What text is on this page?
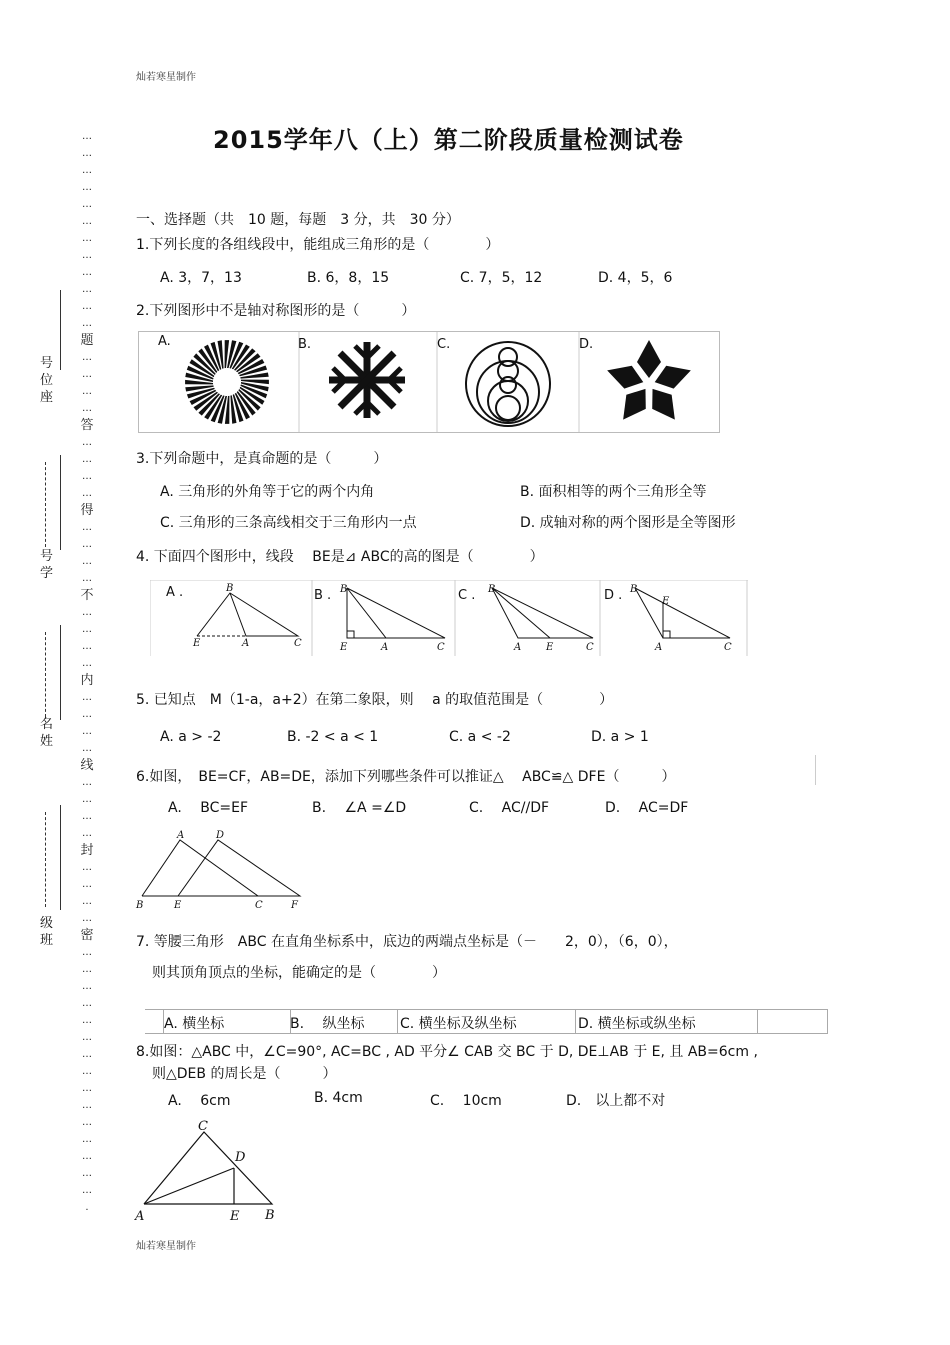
灿若寒星制作
2015学年八（上）第二阶段质量检测试卷
…
…
…
…
…
…
…
…
…
…
…
…
题
…
…
…
…
答
…
…
…
…
得
…
…
…
…
不
…
…
…
…
内
…
…
…
…
线
…
…
…
…
封
…
…
…
…
密
…
…
…
…
…
…
…
…
…
…
…
…
…
…
…
.
号位座
号学
名姓
级班
一、选择题（共　10 题，每题　3 分，共　30 分）
1.下列长度的各组线段中，能组成三角形的是（　　　　）
A. 3，7，13	B. 6，8，15	C. 7，5，12	D. 4，5，6
2.下列图形中不是轴对称图形的是（　　　）
A.	B.	C.	D.
3.下列命题中，是真命题的是（　　　）
A. 三角形的外角等于它的两个内角	B. 面积相等的两个三角形全等
C. 三角形的三条高线相交于三角形内一点	D. 成轴对称的两个图形是全等图形
4. 下面四个图形中，线段　 BE是⊿ ABC的高的图是（　　　　）
B
E	A	C
B
E	A	C
B
A E	C
B
E
A	C
A .	B .	C .	D .
5. 已知点　M（1-a，a+2）在第二象限，则　 a 的取值范围是（　　　　）
A. a > -2	B. -2 < a < 1	C. a < -2	D. a > 1
6.如图，　BE=CF，AB=DE，添加下列哪些条件可以推证△　 ABC≌△ DFE（　　　）
A.　 BC=EF	B.　 ∠A =∠D	C.　 AC//DF	D.　 AC=DF
A	D
B	E	C	F
7. 等腰三角形　ABC 在直角坐标系中，底边的两端点坐标是（－　　2，0），（6，0），
则其顶角顶点的坐标，能确定的是（　　　　）
A. 横坐标	B.　 纵坐标	C. 横坐标及纵坐标	D. 横坐标或纵坐标
8.如图：△ABC 中，∠C=90°, AC=BC , AD 平分∠ CAB 交 BC 于 D, DE⊥AB 于 E, 且 AB=6cm ,
则△DEB 的周长是（　　　）
A.　 6cm	B. 4cm	C.　 10cm	D.　以上都不对
C
D
A	E B
灿若寒星制作
